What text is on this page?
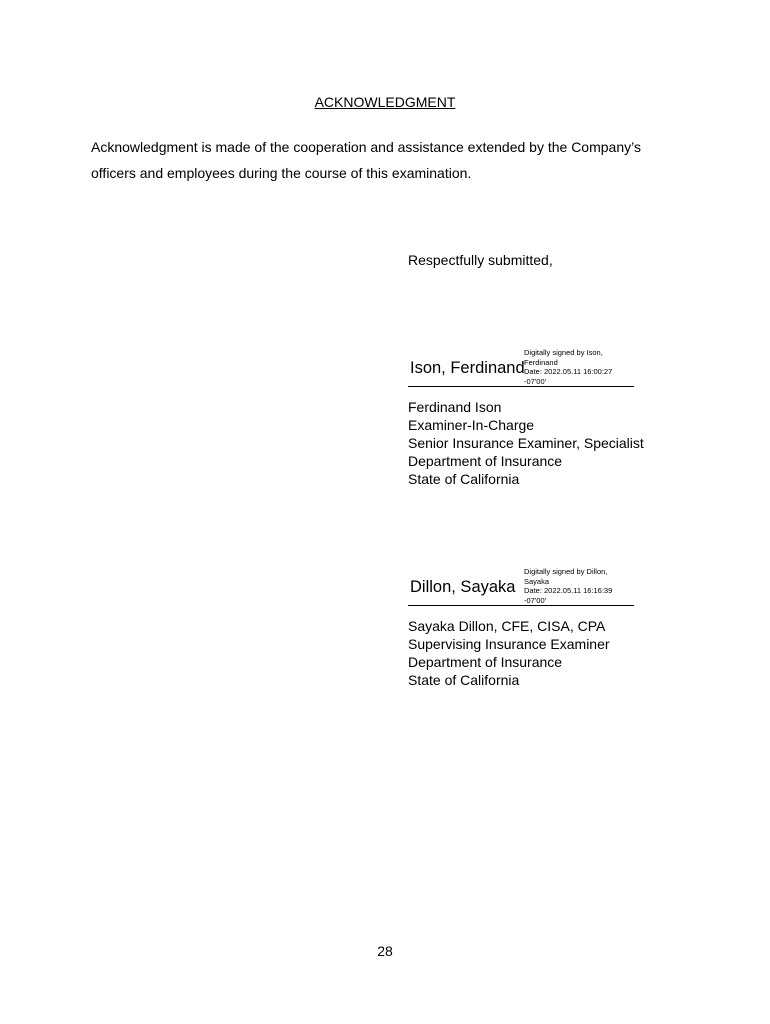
ACKNOWLEDGMENT
Acknowledgment is made of the cooperation and assistance extended by the Company’s
officers and employees during the course of this examination.
Respectfully submitted,
Ison, Ferdinand
Digitally signed by Ison,
Ferdinand
Date: 2022.05.11 16:00:27
-07'00'
Ferdinand Ison
Examiner-In-Charge
Senior Insurance Examiner, Specialist
Department of Insurance
State of California
Dillon, Sayaka
Digitally signed by Dillon,
Sayaka
Date: 2022.05.11 16:16:39
-07'00'
Sayaka Dillon, CFE, CISA, CPA
Supervising Insurance Examiner
Department of Insurance
State of California
28
